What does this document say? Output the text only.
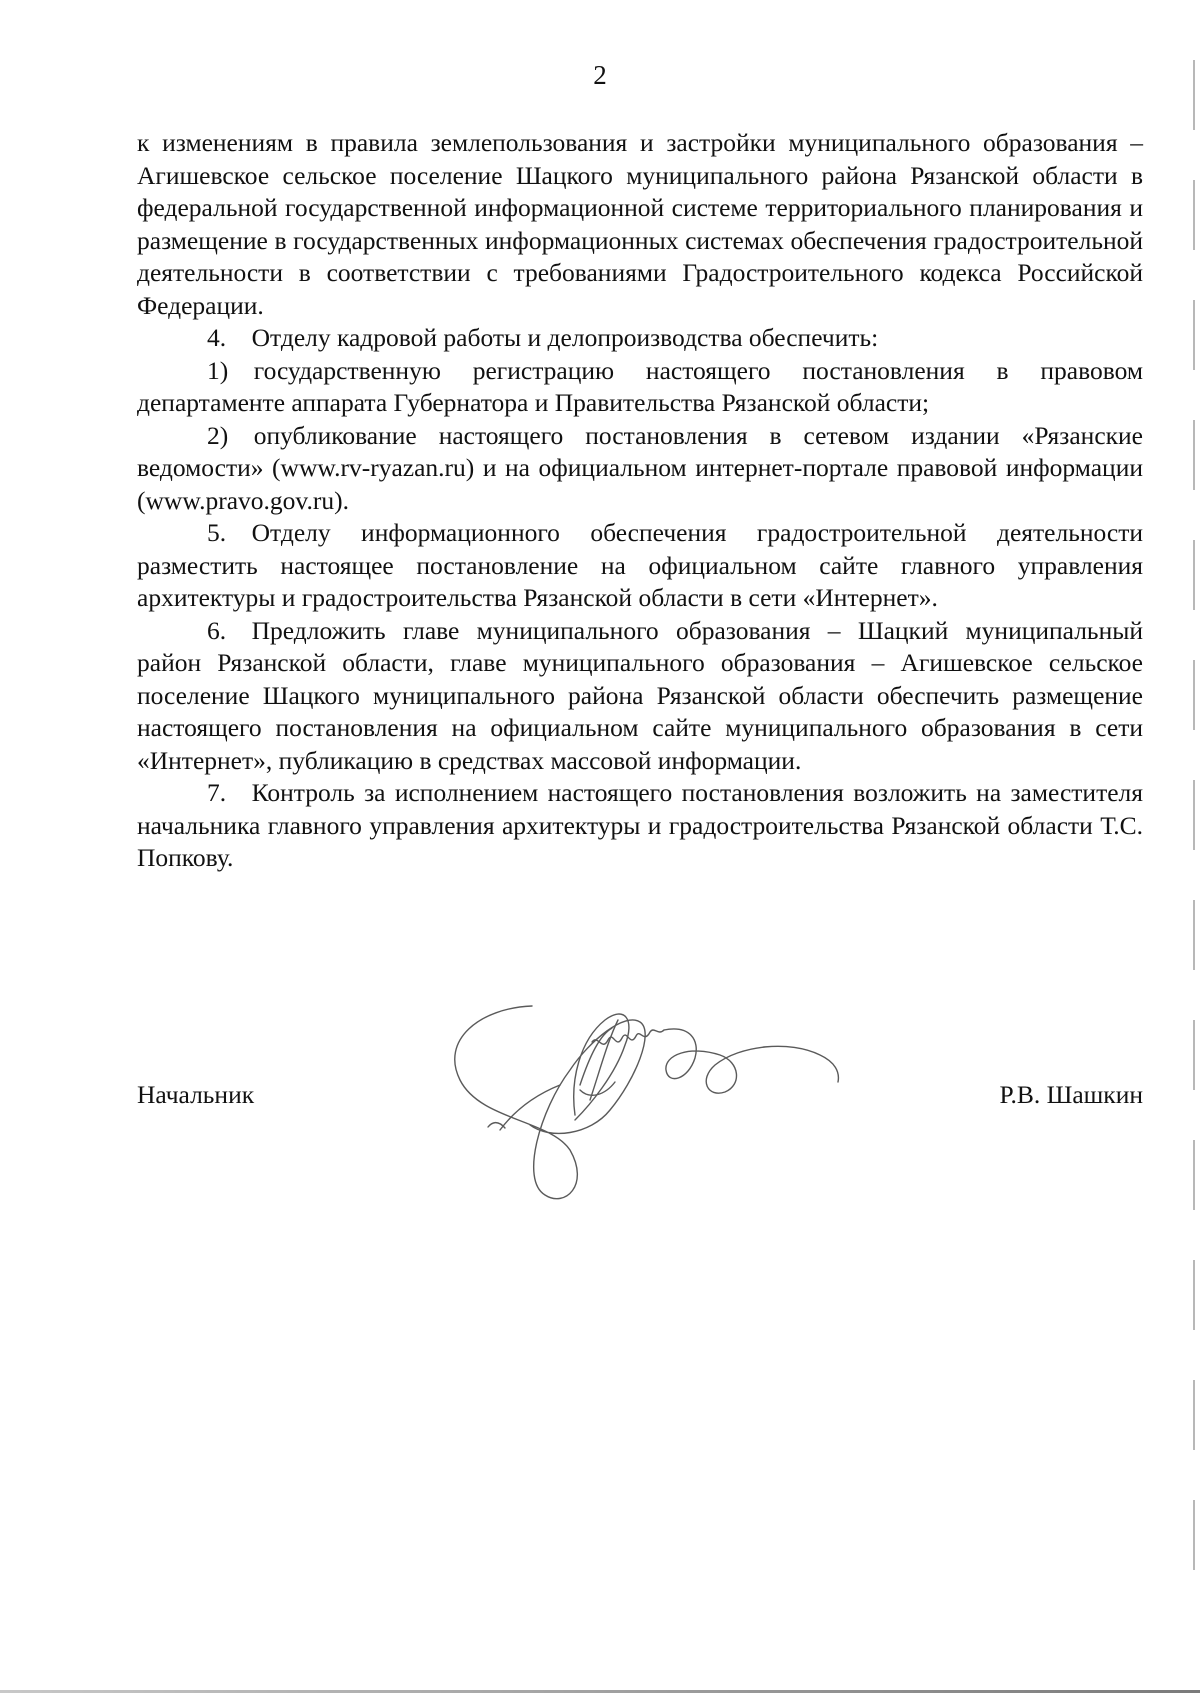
2

к изменениям в правила землепользования и застройки муниципального образования – Агишевское сельское поселение Шацкого муниципального района Рязанской области в федеральной государственной информационной системе территориального планирования и размещение в государственных информационных системах обеспечения градостроительной деятельности в соответствии с требованиями Градостроительного кодекса Российской Федерации.

4. Отделу кадровой работы и делопроизводства обеспечить:

1) государственную регистрацию настоящего постановления в правовом департаменте аппарата Губернатора и Правительства Рязанской области;

2) опубликование настоящего постановления в сетевом издании «Рязанские ведомости» (www.rv-ryazan.ru) и на официальном интернет-портале правовой информации (www.pravo.gov.ru).

5. Отделу информационного обеспечения градостроительной деятельности разместить настоящее постановление на официальном сайте главного управления архитектуры и градостроительства Рязанской области в сети «Интернет».

6. Предложить главе муниципального образования – Шацкий муниципальный район Рязанской области, главе муниципального образования – Агишевское сельское поселение Шацкого муниципального района Рязанской области обеспечить размещение настоящего постановления на официальном сайте муниципального образования в сети «Интернет», публикацию в средствах массовой информации.

7. Контроль за исполнением настоящего постановления возложить на заместителя начальника главного управления архитектуры и градостроительства Рязанской области Т.С. Попкову.

Начальник	Р.В. Шашкин
